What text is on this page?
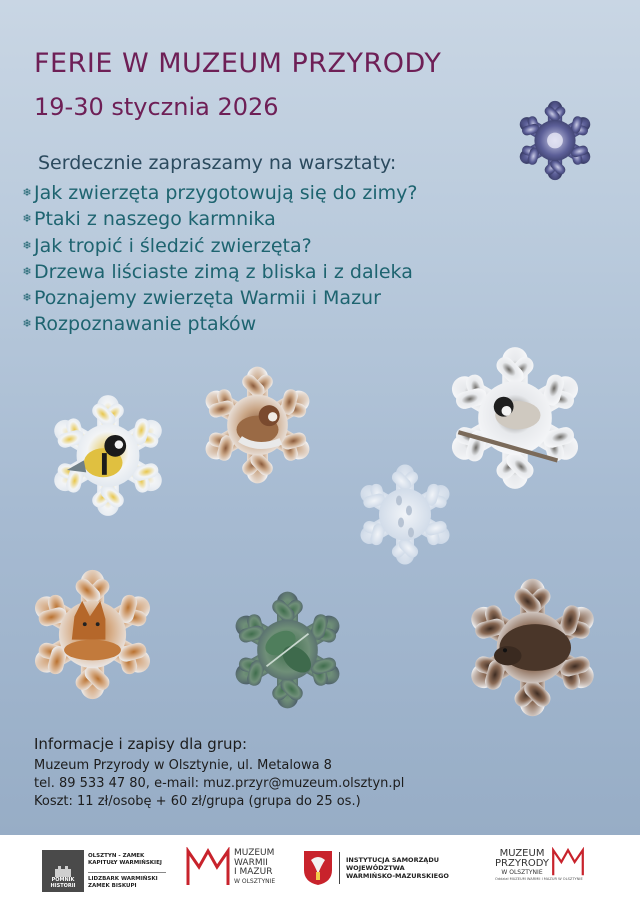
FERIE W MUZEUM PRZYRODY
19-30 stycznia 2026
Serdecznie zapraszamy na warsztaty:
❄ Jak zwierzęta przygotowują się do zimy?
❄ Ptaki z naszego karmnika
❄ Jak tropić i śledzić zwierzęta?
❄ Drzewa liściaste zimą z bliska i z daleka
❄ Poznajemy zwierzęta Warmii i Mazur
❄ Rozpoznawanie ptaków
Informacje i zapisy dla grup:
Muzeum Przyrody w Olsztynie, ul. Metalowa 8
tel. 89 533 47 80, e-mail: muz.przyr@muzeum.olsztyn.pl
Koszt: 11 zł/osobę + 60 zł/grupa (grupa do 25 os.)
POMNIK
HISTORII
OLSZTYN - ZAMEK
KAPITUŁY WARMIŃSKIEJ
LIDZBARK WARMIŃSKI
ZAMEK BISKUPI
MUZEUM
WARMII
I MAZUR
W OLSZTYNIE
INSTYTUCJA SAMORZĄDU
WOJEWÓDZTWA
WARMIŃSKO-MAZURSKIEGO
MUZEUM
PRZYRODY
W OLSZTYNIE
Oddział MUZEUM WARMII I MAZUR W OLSZTYNIE
